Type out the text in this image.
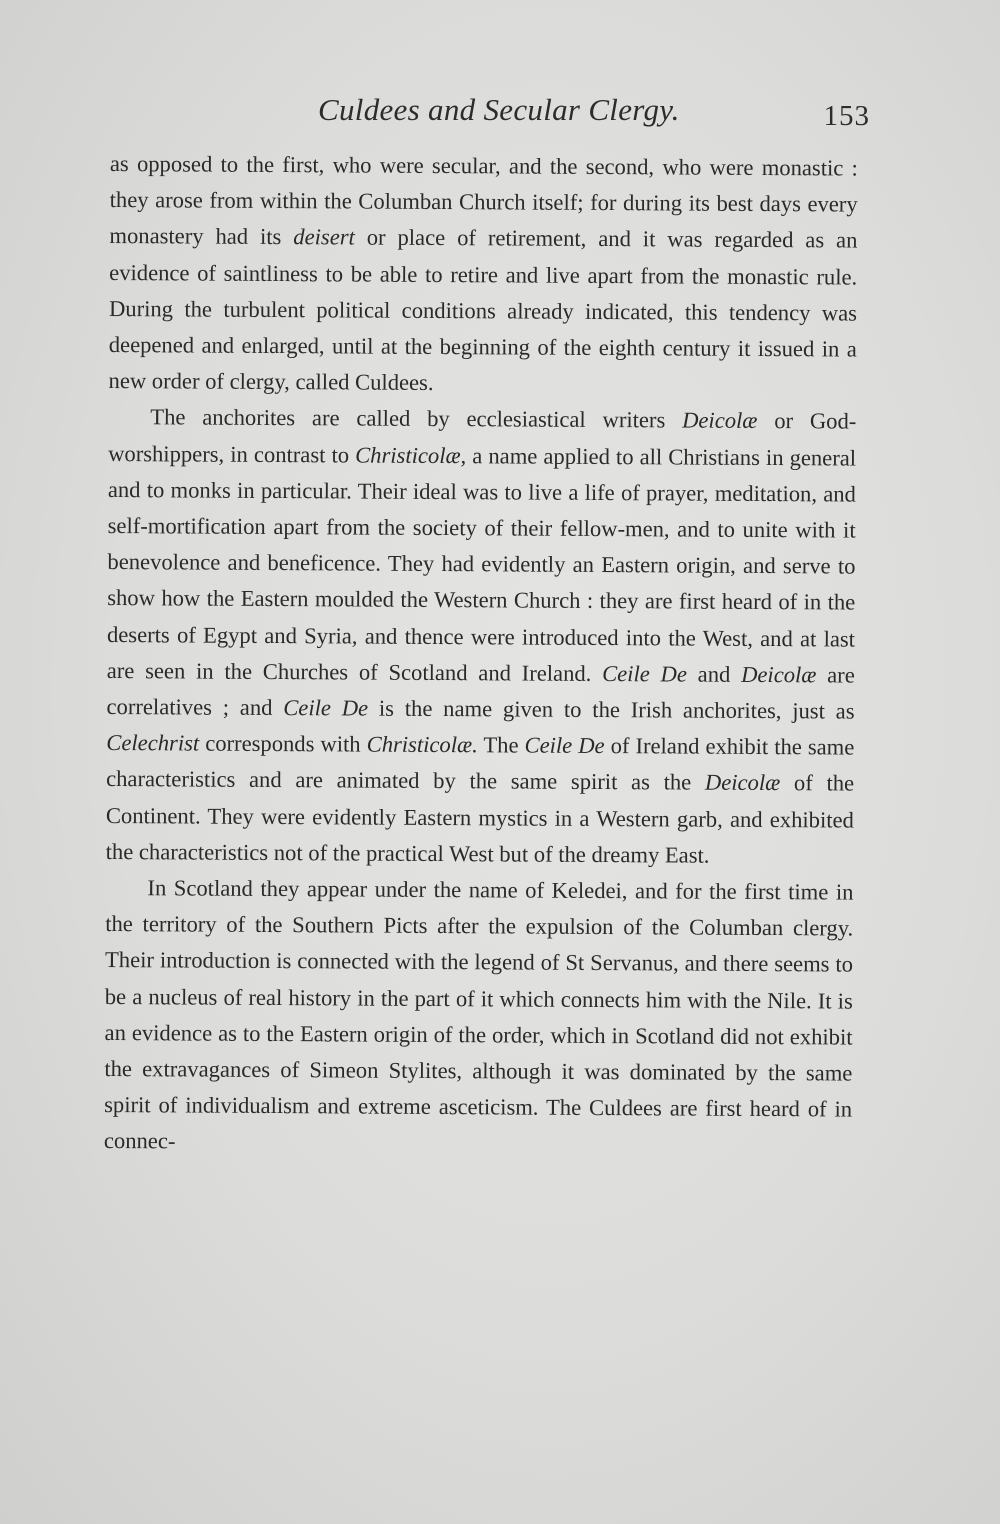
Culdees and Secular Clergy.	153

as opposed to the first, who were secular, and the second, who were monastic : they arose from within the Columban Church itself; for during its best days every monastery had its deisert or place of retirement, and it was regarded as an evidence of saintliness to be able to retire and live apart from the monastic rule. During the turbulent political conditions already indicated, this tendency was deepened and enlarged, until at the beginning of the eighth century it issued in a new order of clergy, called Culdees.

The anchorites are called by ecclesiastical writers Deicolæ or God-worshippers, in contrast to Christicolæ, a name applied to all Christians in general and to monks in particular. Their ideal was to live a life of prayer, meditation, and self-mortification apart from the society of their fellow-men, and to unite with it benevolence and beneficence. They had evidently an Eastern origin, and serve to show how the Eastern moulded the Western Church : they are first heard of in the deserts of Egypt and Syria, and thence were introduced into the West, and at last are seen in the Churches of Scotland and Ireland. Ceile De and Deicolæ are correlatives ; and Ceile De is the name given to the Irish anchorites, just as Celechrist corresponds with Christicolæ. The Ceile De of Ireland exhibit the same characteristics and are animated by the same spirit as the Deicolæ of the Continent. They were evidently Eastern mystics in a Western garb, and exhibited the characteristics not of the practical West but of the dreamy East.

In Scotland they appear under the name of Keledei, and for the first time in the territory of the Southern Picts after the expulsion of the Columban clergy. Their introduction is connected with the legend of St Servanus, and there seems to be a nucleus of real history in the part of it which connects him with the Nile. It is an evidence as to the Eastern origin of the order, which in Scotland did not exhibit the extravagances of Simeon Stylites, although it was dominated by the same spirit of individualism and extreme asceticism. The Culdees are first heard of in connec-
